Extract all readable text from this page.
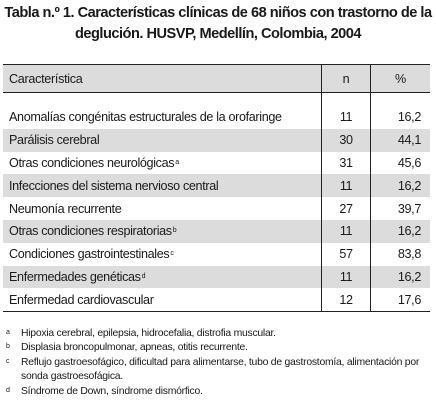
Tabla n.º 1. Características clínicas de 68 niños con trastorno de la
deglución. HUSVP, Medellín, Colombia, 2004
Característica	n	%
Anomalías congénitas estructurales de la orofaringe	11	16,2
Parálisis cerebral	30	44,1
Otras condiciones neurológicas a	31	45,6
Infecciones del sistema nervioso central	11	16,2
Neumonía recurrente	27	39,7
Otras condiciones respiratorias b	11	16,2
Condiciones gastrointestinales c	57	83,8
Enfermedades genéticas d	11	16,2
Enfermedad cardiovascular	12	17,6
a	Hipoxia cerebral, epilepsia, hidrocefalia, distrofia muscular.
b	Displasia broncopulmonar, apneas, otitis recurrente.
c	Reflujo gastroesofágico, dificultad para alimentarse, tubo de gastrostomía, alimentación por sonda gastroesofágica.
d	Síndrome de Down, síndrome dismórfico.
